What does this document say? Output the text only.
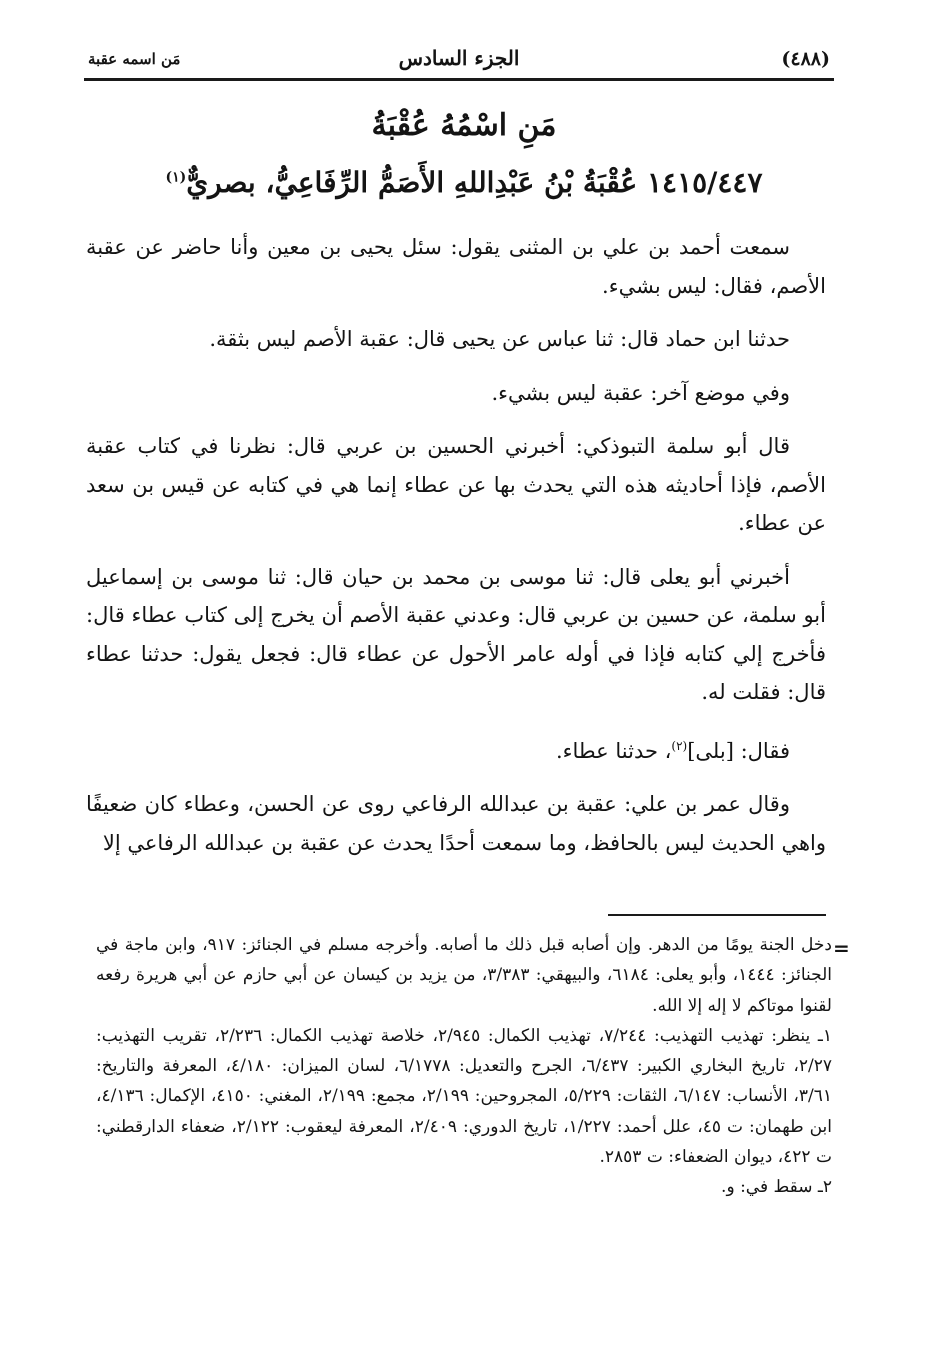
(٤٨٨)
الجزء السادس
مَن اسمه عقبة
مَنِ اسْمُهُ عُقْبَةُ
١٤١٥/٤٤٧ عُقْبَةُ بْنُ عَبْدِاللهِ الأَصَمُّ الرِّفَاعِيُّ، بصريٌّ$^{(١)}$

سمعت أحمد بن علي بن المثنى يقول: سئل يحيى بن معين وأنا حاضر عن عقبة الأصم، فقال: ليس بشيء.

حدثنا ابن حماد قال: ثنا عباس عن يحيى قال: عقبة الأصم ليس بثقة.

وفي موضع آخر: عقبة ليس بشيء.

قال أبو سلمة التبوذكي: أخبرني الحسين بن عربي قال: نظرنا في كتاب عقبة الأصم، فإذا أحاديثه هذه التي يحدث بها عن عطاء إنما هي في كتابه عن قيس بن سعد عن عطاء.

أخبرني أبو يعلى قال: ثنا موسى بن محمد بن حيان قال: ثنا موسى بن إسماعيل أبو سلمة، عن حسين بن عربي قال: وعدني عقبة الأصم أن يخرج إلى كتاب عطاء قال: فأخرج إلي كتابه فإذا في أوله عامر الأحول عن عطاء قال: فجعل يقول: حدثنا عطاء قال: فقلت له.

فقال: [بلى]$^{(٢)}$، حدثنا عطاء.

وقال عمر بن علي: عقبة بن عبدالله الرفاعي روى عن الحسن، وعطاء كان ضعيفًا واهي الحديث ليس بالحافظ، وما سمعت أحدًا يحدث عن عقبة بن عبدالله الرفاعي إلا

=

دخل الجنة يومًا من الدهر. وإن أصابه قبل ذلك ما أصابه. وأخرجه مسلم في الجنائز: ٩١٧، وابن ماجة في الجنائز: ١٤٤٤، وأبو يعلى: ٦١٨٤، والبيهقي: ٣/٣٨٣، من يزيد بن كيسان عن أبي حازم عن أبي هريرة رفعه لقنوا موتاكم لا إله إلا الله.

١ـ ينظر: تهذيب التهذيب: ٧/٢٤٤، تهذيب الكمال: ٢/٩٤٥، خلاصة تهذيب الكمال: ٢/٢٣٦، تقريب التهذيب: ٢/٢٧، تاريخ البخاري الكبير: ٦/٤٣٧، الجرح والتعديل: ٦/١٧٧٨، لسان الميزان: ٤/١٨٠، المعرفة والتاريخ: ٣/٦١، الأنساب: ٦/١٤٧، الثقات: ٥/٢٢٩، المجروحين: ٢/١٩٩، مجمع: ٢/١٩٩، المغني: ٤١٥٠، الإكمال: ٤/١٣٦، ابن طهمان: ت ٤٥، علل أحمد: ١/٢٢٧، تاريخ الدوري: ٢/٤٠٩، المعرفة ليعقوب: ٢/١٢٢، ضعفاء الدارقطني: ت ٤٢٢، ديوان الضعفاء: ت ٢٨٥٣.

٢ـ سقط في: و.
